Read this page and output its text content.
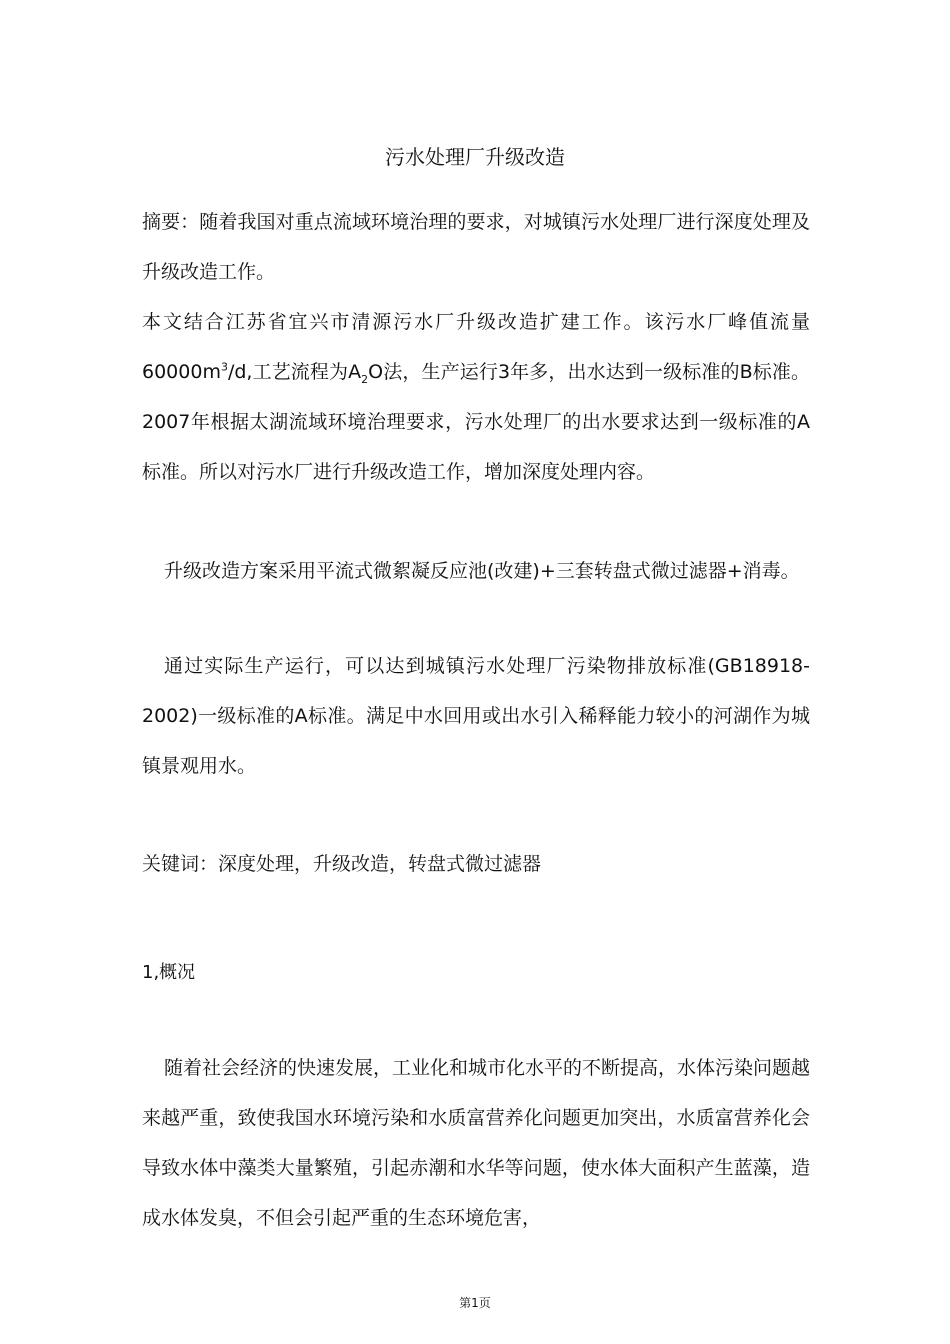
污水处理厂升级改造

摘要：随着我国对重点流域环境治理的要求，对城镇污水处理厂进行深度处理及升级改造工作。

本文结合江苏省宜兴市清源污水厂升级改造扩建工作。该污水厂峰值流量$60000m^3/d$,工艺流程为$A_2O$法，生产运行3年多，出水达到一级标准的B标准。2007年根据太湖流域环境治理要求，污水处理厂的出水要求达到一级标准的A标准。所以对污水厂进行升级改造工作，增加深度处理内容。

升级改造方案采用平流式微絮凝反应池(改建)+三套转盘式微过滤器+消毒。

通过实际生产运行，可以达到城镇污水处理厂污染物排放标准(GB18918-2002)一级标准的A标准。满足中水回用或出水引入稀释能力较小的河湖作为城镇景观用水。

关键词：深度处理，升级改造，转盘式微过滤器

1,概况

随着社会经济的快速发展，工业化和城市化水平的不断提高，水体污染问题越来越严重，致使我国水环境污染和水质富营养化问题更加突出，水质富营养化会导致水体中藻类大量繁殖，引起赤潮和水华等问题，使水体大面积产生蓝藻，造成水体发臭，不但会引起严重的生态环境危害，

第1页
